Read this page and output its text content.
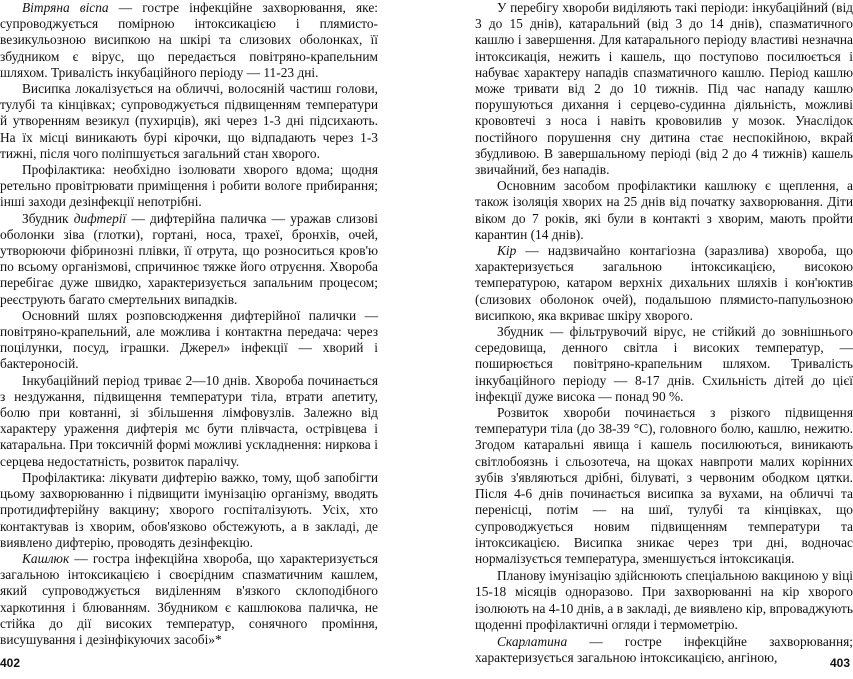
Вітряна віспа — гостре інфекційне захворювання, яке: супроводжується помірною інтоксикацією і плямисто-везикульозною висипкою на шкірі та слизових оболонках, її збудником є вірус, що передається повітряно-крапельним шляхом. Тривалість інкубаційного періоду — 11-23 дні.

Висипка локалізується на обличчі, волосяній частиш голови, тулубі та кінцівках; супроводжується підвищенням температури й утворенням везикул (пухирців), які через 1-3 дні підсихають. На їх місці виникають бурі кірочки, що відпадають через 1-3 тижні, після чого поліпшується загальний стан хворого.

Профілактика: необхідно ізолювати хворого вдома; щодня ретельно провітрювати приміщення і робити вологе прибирання; інші заходи дезінфекції непотрібні.

Збудник дифтерії — дифтерійна паличка — уражав слизові оболонки зіва (глотки), гортані, носа, трахеї, бронхів, очей, утворюючи фібринозні плівки, її отрута, що розноситься кров'ю по всьому організмові, спричинює тяжке його отруєння. Хвороба перебігає дуже швидко, характеризується запальним процесом; реєструють багато смертельних випадків.

Основний шлях розповсюдження дифтерійної палички — повітряно-крапельний, але можлива і контактна передача: через поцілунки, посуд, іграшки. Джерел» інфекції — хворий і бактероносій.

Інкубаційний період триває 2—10 днів. Хвороба починається з нездужання, підвищення температури тіла, втрати апетиту, болю при ковтанні, зі збільшення лімфовузлів. Залежно від характеру ураження дифтерія мс бути плівчаста, острівцева і катаральна. При токсичній формі можливі ускладнення: ниркова і серцева недостатність, розвиток паралічу.

Профілактика: лікувати дифтерію важко, тому, щоб запобігти цьому захворюванню і підвищити імунізацію організму, вводять протидифтерійну вакцину; хворого госпіталізують. Усіх, хто контактував із хворим, обов'язково обстежують, а в закладі, де виявлено дифтерію, проводять дезінфекцію.

Кашлюк — гостра інфекційна хвороба, що характеризується загальною інтоксикацією і своєрідним спазматичним кашлем, який супроводжується виділенням в'язкого склоподібного харкотиння і блюванням. Збудником є кашлюкова паличка, не стійка до дії високих температур, сонячного проміння, висушування і дезінфікуючих засобі»*

У перебігу хвороби виділяють такі періоди: інкубаційний (від 3 до 15 днів), катаральний (від 3 до 14 днів), спазматичного кашлю і завершення. Для катарального періоду властиві незначна інтоксикація, нежить і кашель, що поступово посилюється і набуває характеру нападів спазматичного кашлю. Період кашлю може тривати від 2 до 10 тижнів. Під час нападу кашлю порушуються дихання і серцево-судинна діяльність, можливі крововтечі з носа і навіть крововилив у мозок. Унаслідок постійного порушення сну дитина стає неспокійною, вкрай збудливою. В завершальному періоді (від 2 до 4 тижнів) кашель звичайний, без нападів.

Основним засобом профілактики кашлюку є щеплення, а також ізоляція хворих на 25 днів від початку захворювання. Діти віком до 7 років, які були в контакті з хворим, мають пройти карантин (14 днів).

Кір — надзвичайно контагіозна (заразлива) хвороба, що характеризується загальною інтоксикацією, високою температурою, катаром верхніх дихальних шляхів і кон'юктив (слизових оболонок очей), подальшою плямисто-папульозною висипкою, яка вкриває шкіру хворого.

Збудник — фільтрувочий вірус, не стійкий до зовнішнього середовища, денного світла і високих температур, — поширюється повітряно-крапельним шляхом. Тривалість інкубаційного періоду — 8-17 днів. Схильність дітей до цієї інфекції дуже висока — понад 90 %.

Розвиток хвороби починається з різкого підвищення температури тіла (до 38-39 °С), головного болю, кашлю, нежитю. Згодом катаральні явища і кашель посилюються, виникають світлобоязнь і сльозотеча, на щоках навпроти малих корінних зубів з'являються дрібні, білуваті, з червоним ободком цятки. Після 4-6 днів починається висипка за вухами, на обличчі та перенісці, потім — на шиї, тулубі та кінцівках, що супроводжується новим підвищенням температури та інтоксикацією. Висипка зникає через три дні, водночас нормалізується температура, зменшується інтоксикація.

Планову імунізацію здійснюють спеціальною вакциною у віці 15-18 місяців одноразово. При захворюванні на кір хворого ізолюють на 4-10 днів, а в закладі, де виявлено кір, впроваджують щоденні профілактичні огляди і термометрію.

Скарлатина — гостре інфекційне захворювання; характеризується загальною інтоксикацією, ангіною,

402	403
